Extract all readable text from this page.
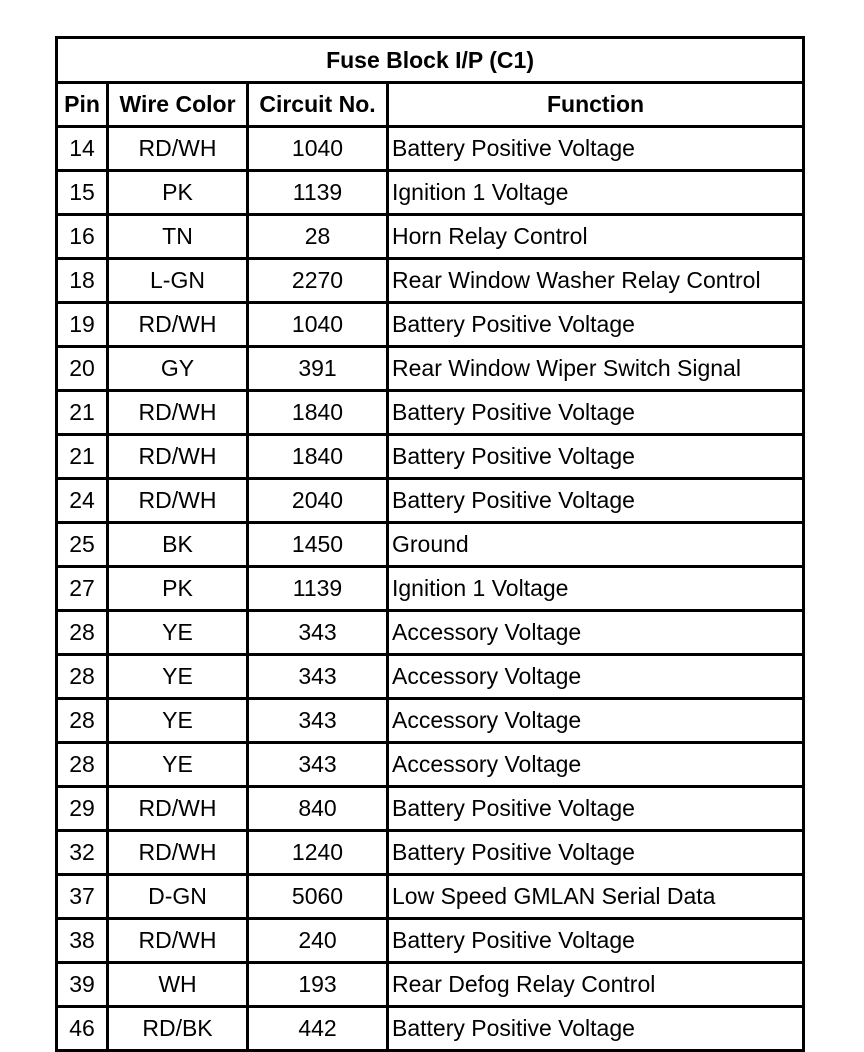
Fuse Block I/P (C1)			
Pin	Wire Color	Circuit No.	Function
14	RD/WH	1040	Battery Positive Voltage
15	PK	1139	Ignition 1 Voltage
16	TN	28	Horn Relay Control
18	L-GN	2270	Rear Window Washer Relay Control
19	RD/WH	1040	Battery Positive Voltage
20	GY	391	Rear Window Wiper Switch Signal
21	RD/WH	1840	Battery Positive Voltage
21	RD/WH	1840	Battery Positive Voltage
24	RD/WH	2040	Battery Positive Voltage
25	BK	1450	Ground
27	PK	1139	Ignition 1 Voltage
28	YE	343	Accessory Voltage
28	YE	343	Accessory Voltage
28	YE	343	Accessory Voltage
28	YE	343	Accessory Voltage
29	RD/WH	840	Battery Positive Voltage
32	RD/WH	1240	Battery Positive Voltage
37	D-GN	5060	Low Speed GMLAN Serial Data
38	RD/WH	240	Battery Positive Voltage
39	WH	193	Rear Defog Relay Control
46	RD/BK	442	Battery Positive Voltage
